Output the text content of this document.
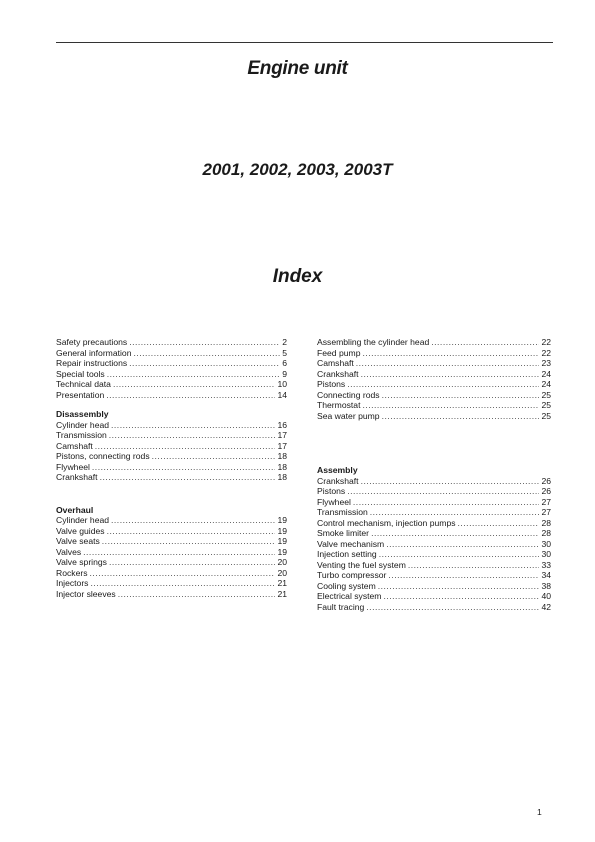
Engine unit
2001, 2002, 2003, 2003T
Index
Safety precautions .....	2
General information .....	5
Repair instructions .....	6
Special tools .....	9
Technical data .....	10
Presentation .....	14
Disassembly
Cylinder head .....	16
Transmission .....	17
Camshaft .....	17
Pistons, connecting rods .....	18
Flywheel .....	18
Crankshaft .....	18
Overhaul
Cylinder head .....	19
Valve guides .....	19
Valve seats .....	19
Valves .....	19
Valve springs .....	20
Rockers .....	20
Injectors .....	21
Injector sleeves .....	21
Assembling the cylinder head .....	22
Feed pump .....	22
Camshaft .....	23
Crankshaft .....	24
Pistons .....	24
Connecting rods .....	25
Thermostat .....	25
Sea water pump .....	25
Assembly
Crankshaft .....	26
Pistons .....	26
Flywheel .....	27
Transmission .....	27
Control mechanism, injection pumps .....	28
Smoke limiter .....	28
Valve mechanism .....	30
Injection setting .....	30
Venting the fuel system .....	33
Turbo compressor .....	34
Cooling system .....	38
Electrical system .....	40
Fault tracing .....	42
1
